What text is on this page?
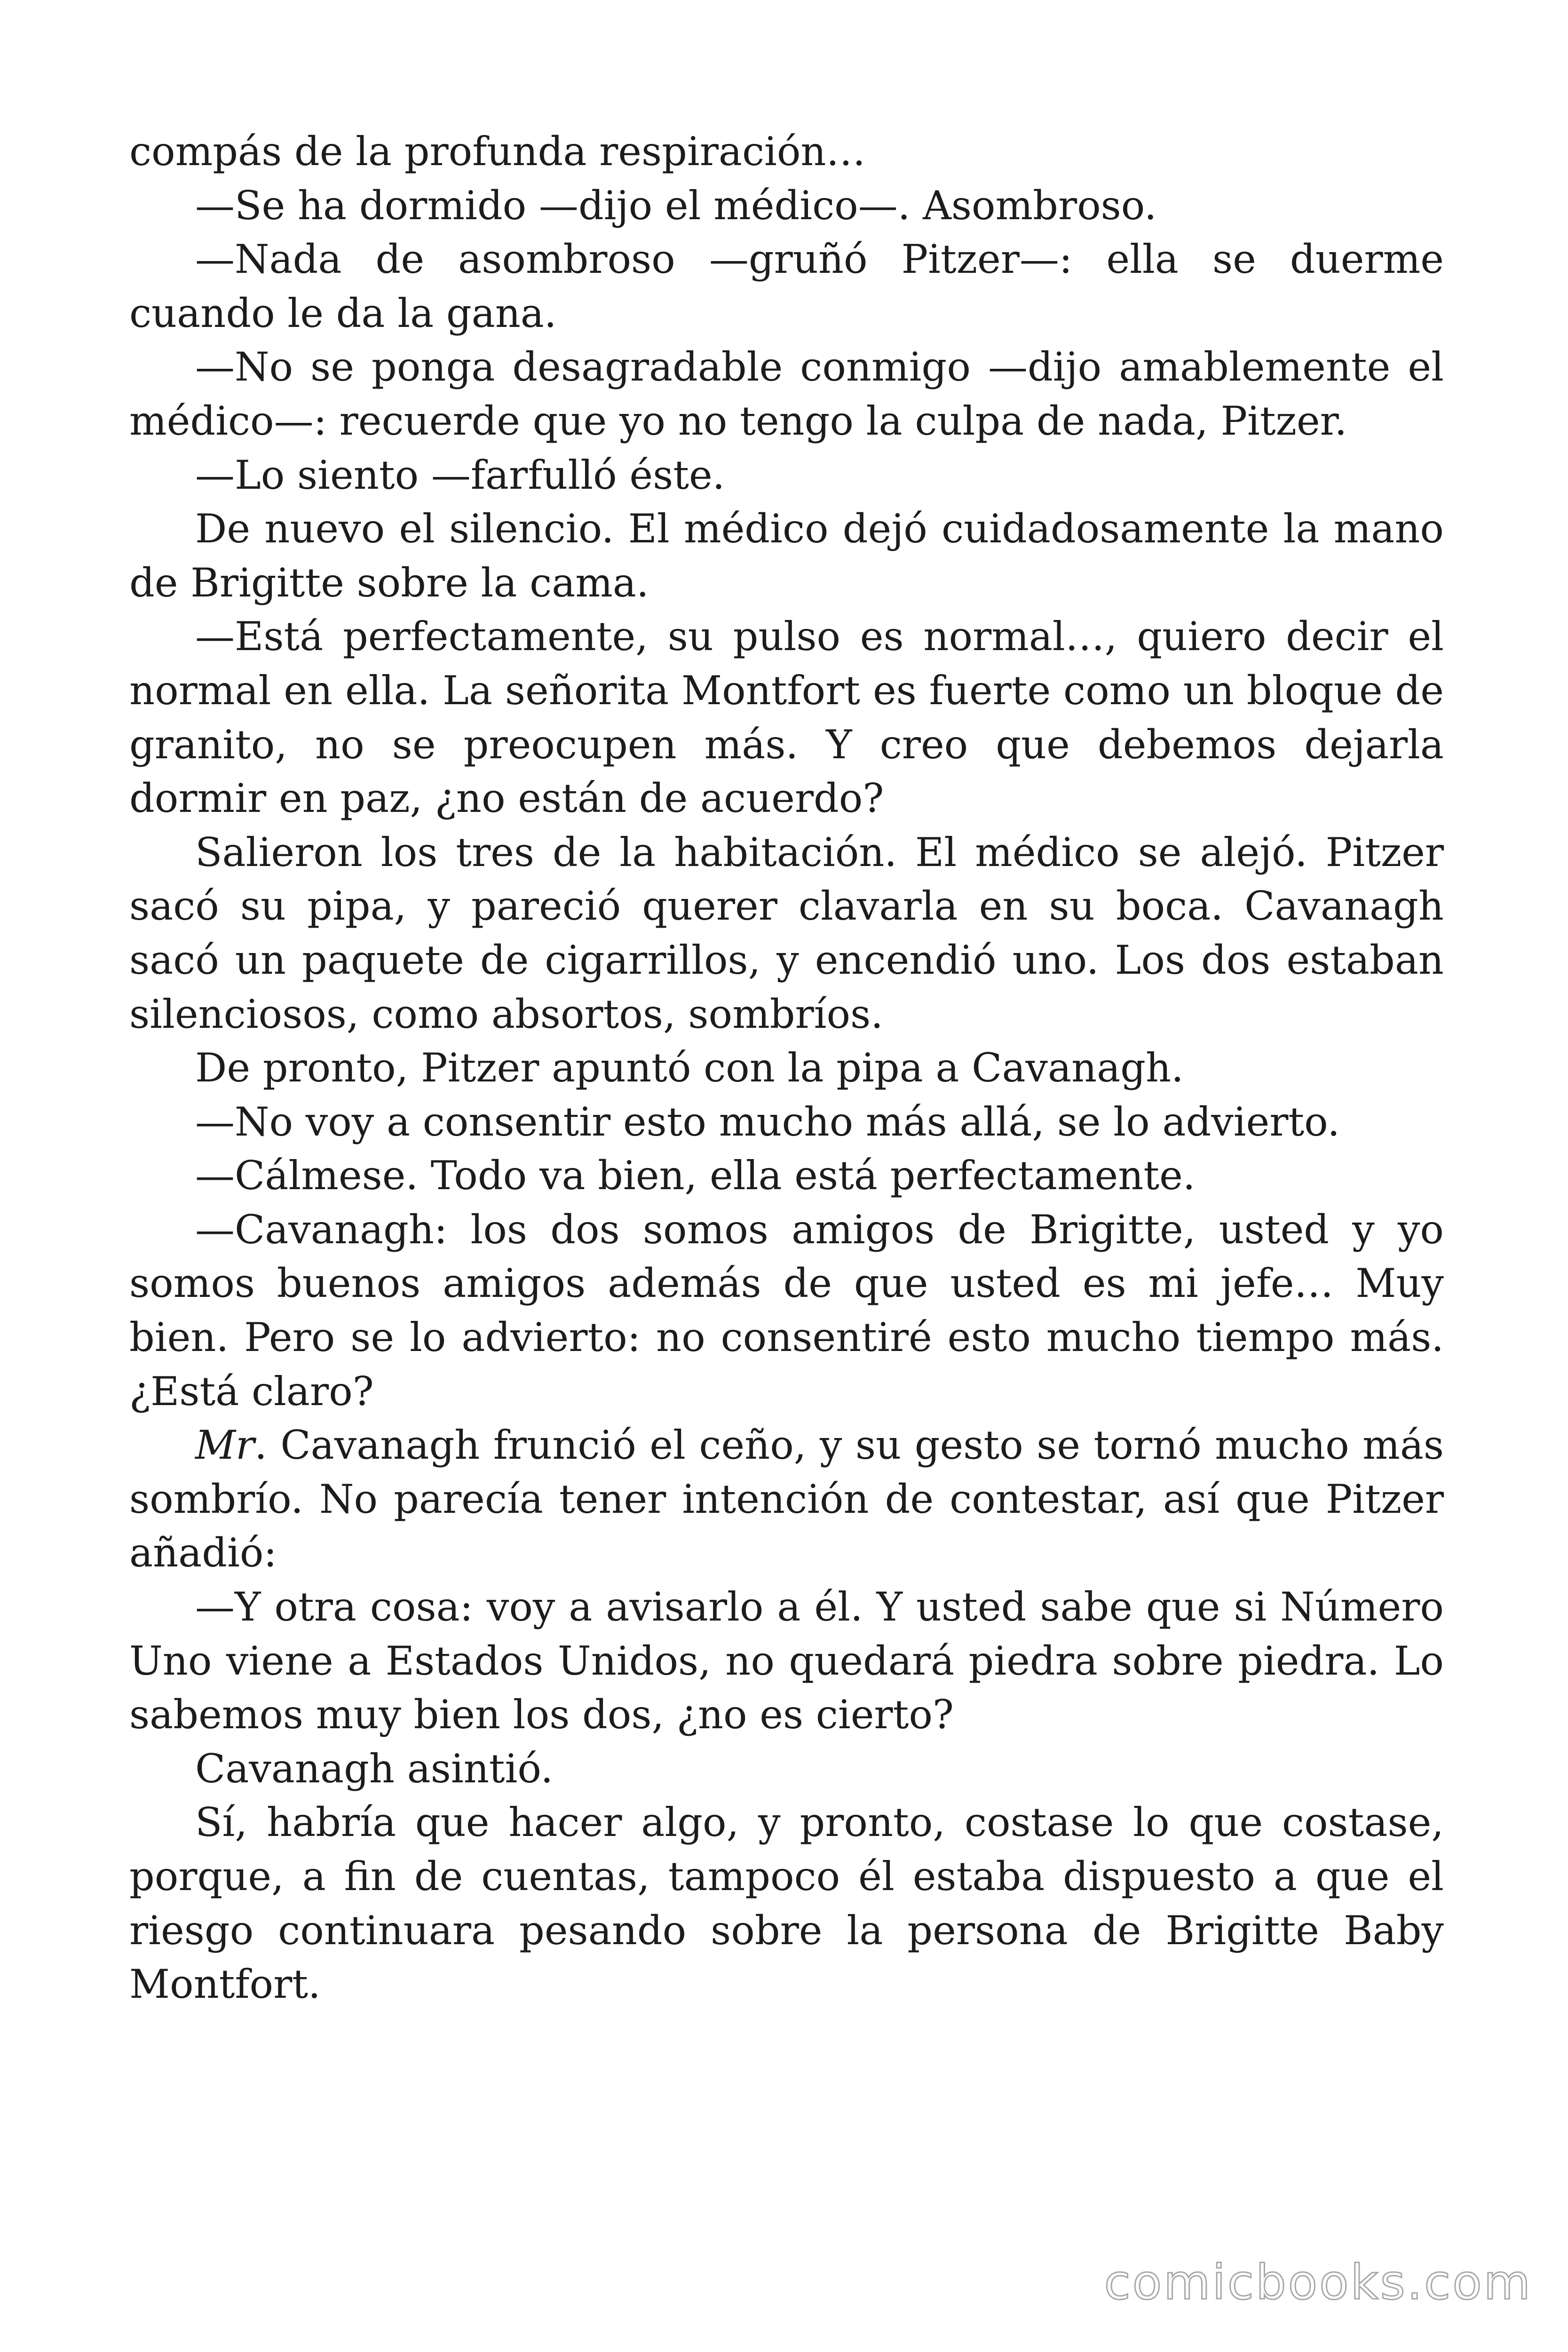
compás de la profunda respiración…

—Se ha dormido —dijo el médico—. Asombroso.

—Nada de asombroso —gruñó Pitzer—: ella se duerme cuando le da la gana.

—No se ponga desagradable conmigo —dijo amablemente el médico—: recuerde que yo no tengo la culpa de nada, Pitzer.

—Lo siento —farfulló éste.

De nuevo el silencio. El médico dejó cuidadosamente la mano de Brigitte sobre la cama.

—Está perfectamente, su pulso es normal…, quiero decir el normal en ella. La señorita Montfort es fuerte como un bloque de granito, no se preocupen más. Y creo que debemos dejarla dormir en paz, ¿no están de acuerdo?

Salieron los tres de la habitación. El médico se alejó. Pitzer sacó su pipa, y pareció querer clavarla en su boca. Cavanagh sacó un paquete de cigarrillos, y encendió uno. Los dos estaban silenciosos, como absortos, sombríos.

De pronto, Pitzer apuntó con la pipa a Cavanagh.

—No voy a consentir esto mucho más allá, se lo advierto.

—Cálmese. Todo va bien, ella está perfectamente.

—Cavanagh: los dos somos amigos de Brigitte, usted y yo somos buenos amigos además de que usted es mi jefe… Muy bien. Pero se lo advierto: no consentiré esto mucho tiempo más. ¿Está claro?

Mr. Cavanagh frunció el ceño, y su gesto se tornó mucho más sombrío. No parecía tener intención de contestar, así que Pitzer añadió:

—Y otra cosa: voy a avisarlo a él. Y usted sabe que si Número Uno viene a Estados Unidos, no quedará piedra sobre piedra. Lo sabemos muy bien los dos, ¿no es cierto?

Cavanagh asintió.

Sí, habría que hacer algo, y pronto, costase lo que costase, porque, a fin de cuentas, tampoco él estaba dispuesto a que el riesgo continuara pesando sobre la persona de Brigitte Baby Montfort.

comicbooks.com
